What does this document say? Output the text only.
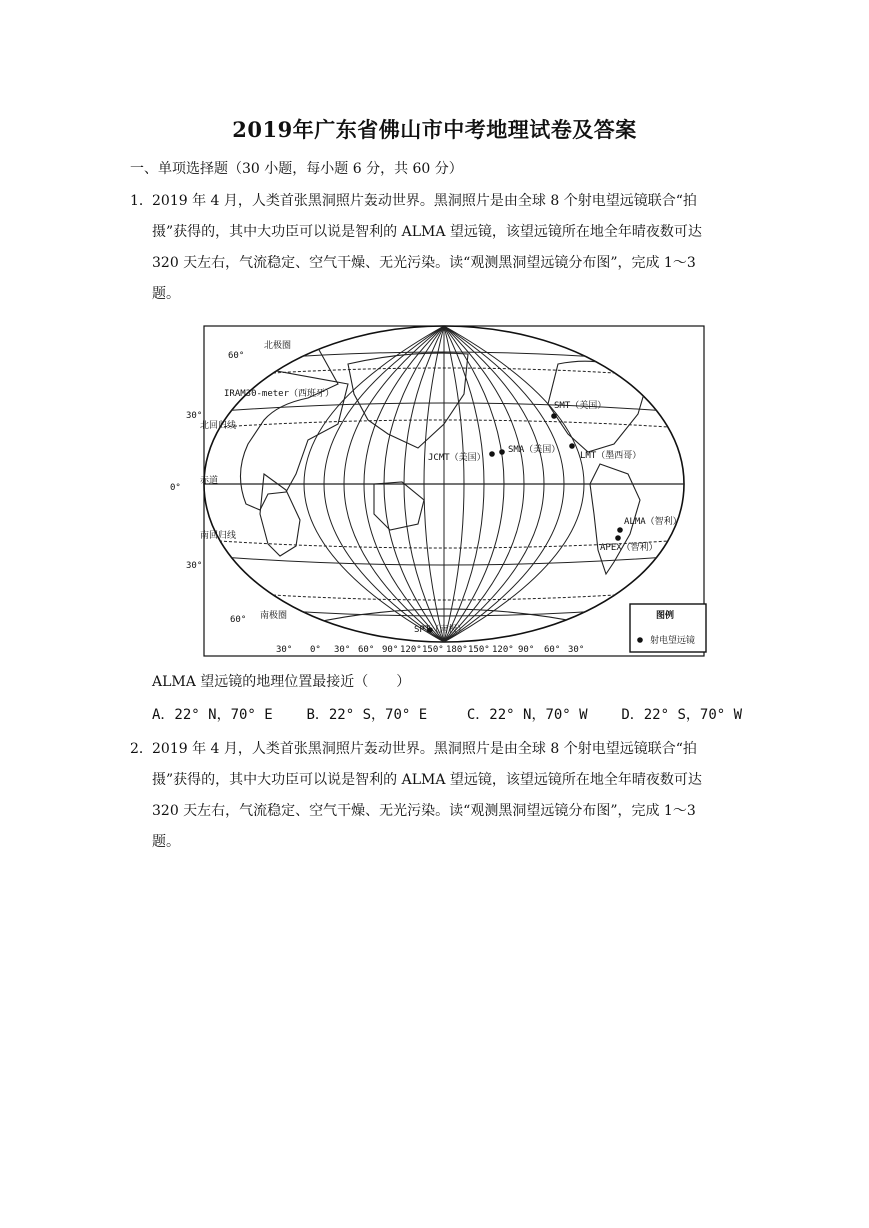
2019年广东省佛山市中考地理试卷及答案
一、单项选择题（30 小题，每小题 6 分，共 60 分）
1． 2019 年 4 月，人类首张黑洞照片轰动世界。黑洞照片是由全球 8 个射电望远镜联合“拍
摄”获得的，其中大功臣可以说是智利的 ALMA 望远镜，该望远镜所在地全年晴夜数可达
320 天左右，气流稳定、空气干燥、无光污染。读“观测黑洞望远镜分布图”，完成 1～3
题。
60°
30°
0°
30°
60°
北极圈
北回归线
赤道
南回归线
南极圈
30° 0° 30° 60° 90° 120° 150° 180° 150° 120° 90° 60° 30°
IRAM30-meter（西班牙）
SMT（美国）
JCMT（美国）
SMA（美国）
LMT（墨西哥）
ALMA（智利）
APEX（智利）
SPT（南极）
图例
射电望远镜
ALMA 望远镜的地理位置最接近（　　）
A．22° N，70° E B．22° S，70° E	C．22° N，70° W D．22° S，70° W
2． 2019 年 4 月，人类首张黑洞照片轰动世界。黑洞照片是由全球 8 个射电望远镜联合“拍
摄”获得的，其中大功臣可以说是智利的 ALMA 望远镜，该望远镜所在地全年晴夜数可达
320 天左右，气流稳定、空气干燥、无光污染。读“观测黑洞望远镜分布图”，完成 1～3
题。
